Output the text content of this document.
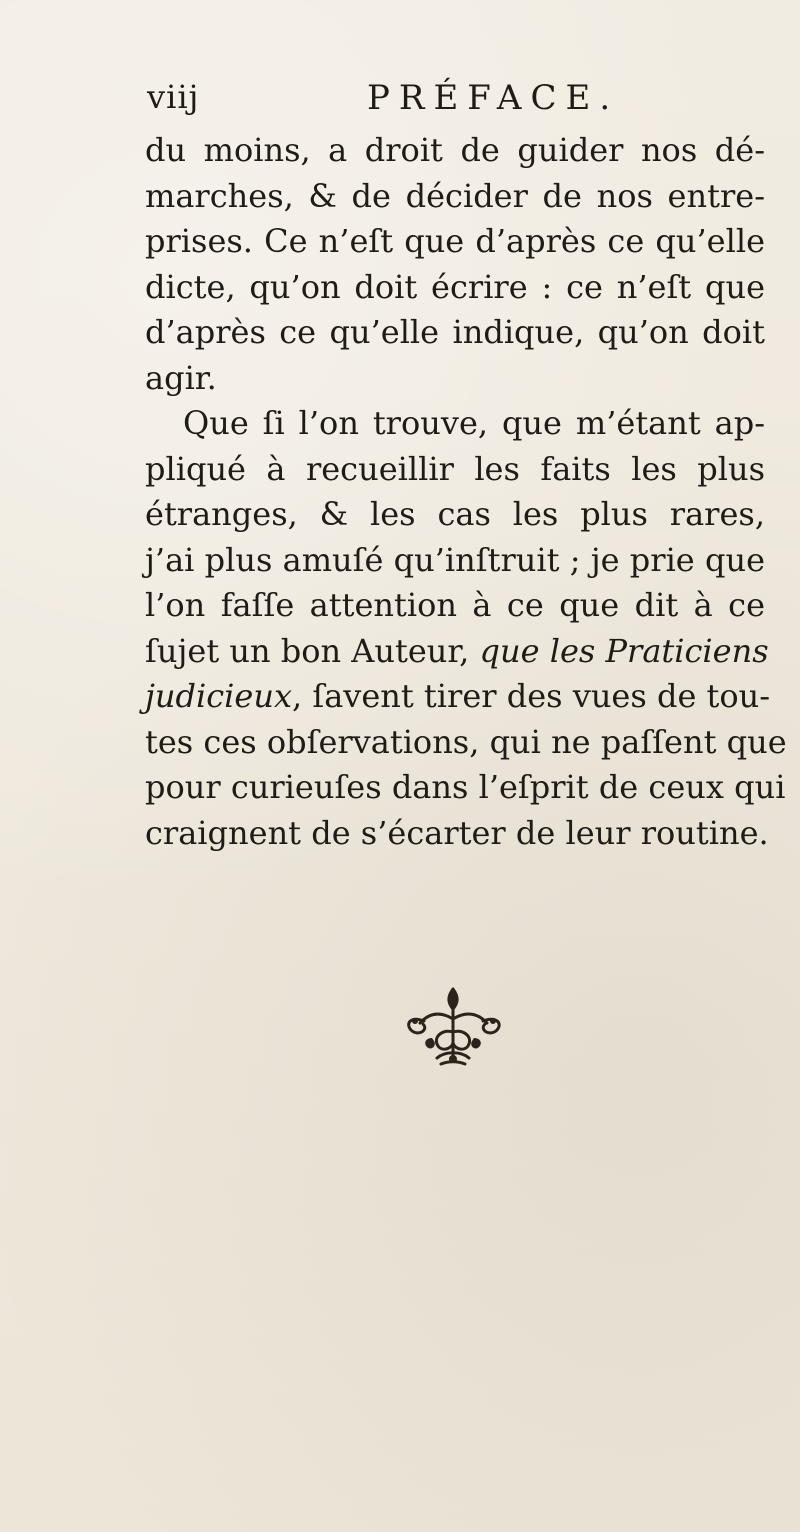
viij	PRÉFACE.
du moins, a droit de guider nos dé-
marches, & de décider de nos entre-
prises. Ce n’eſt que d’après ce qu’elle
dicte, qu’on doit écrire : ce n’eſt que
d’après ce qu’elle indique, qu’on doit
agir.
Que ſi l’on trouve, que m’étant ap-
pliqué à recueillir les faits les plus
étranges, & les cas les plus rares,
j’ai plus amuſé qu’inſtruit ; je prie que
l’on faſſe attention à ce que dit à ce
ſujet un bon Auteur, que les Praticiens
judicieux, ſavent tirer des vues de tou-
tes ces obſervations, qui ne paſſent que
pour curieuſes dans l’eſprit de ceux qui
craignent de s’écarter de leur routine.
